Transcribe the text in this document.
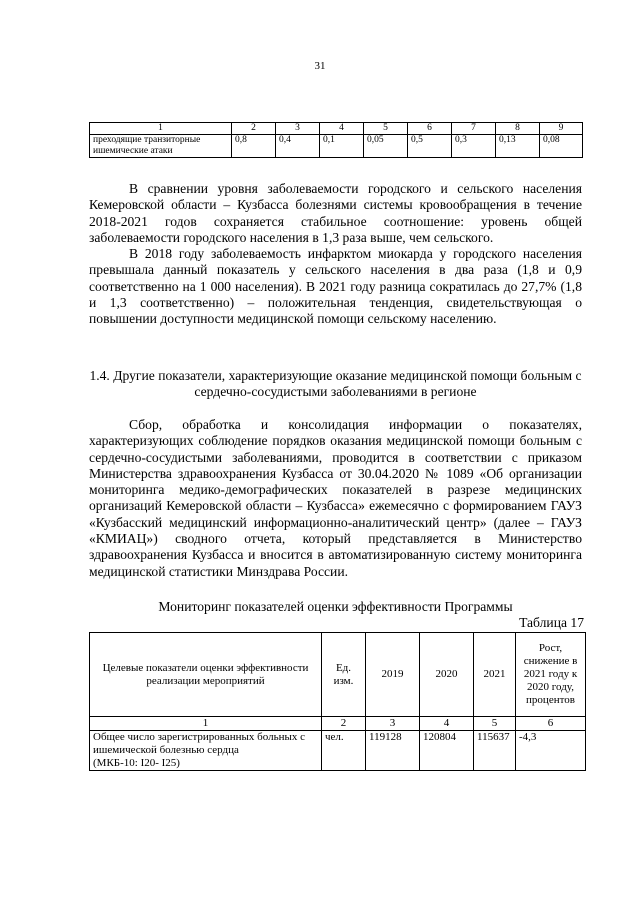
31
1	2	3	4	5	6	7	8	9
преходящие транзиторные ишемические атаки	0,8	0,4	0,1	0,05	0,5	0,3	0,13	0,08

В сравнении уровня заболеваемости городского и сельского населения Кемеровской области – Кузбасса болезнями системы кровообращения в течение 2018-2021 годов сохраняется стабильное соотношение: уровень общей заболеваемости городского населения в 1,3 раза выше, чем сельского.

В 2018 году заболеваемость инфарктом миокарда у городского населения превышала данный показатель у сельского населения в два раза (1,8 и 0,9 соответственно на 1 000 населения). В 2021 году разница сократилась до 27,7% (1,8 и 1,3 соответственно) – положительная тенденция, свидетельствующая о повышении доступности медицинской помощи сельскому населению.

1.4. Другие показатели, характеризующие оказание медицинской помощи больным с сердечно-сосудистыми заболеваниями в регионе

Сбор, обработка и консолидация информации о показателях, характеризующих соблюдение порядков оказания медицинской помощи больным с сердечно-сосудистыми заболеваниями, проводится в соответствии с приказом Министерства здравоохранения Кузбасса от 30.04.2020 № 1089 «Об организации мониторинга медико-демографических показателей в разрезе медицинских организаций Кемеровской области – Кузбасса» ежемесячно с формированием ГАУЗ «Кузбасский медицинский информационно-аналитический центр» (далее – ГАУЗ «КМИАЦ») сводного отчета, который представляется в Министерство здравоохранения Кузбасса и вносится в автоматизированную систему мониторинга медицинской статистики Минздрава России.

Мониторинг показателей оценки эффективности Программы
Таблица 17
Целевые показатели оценки эффективности реализации мероприятий	Ед. изм.	2019	2020	2021	Рост, снижение в 2021 году к 2020 году, процентов
1	2	3	4	5	6

Общее число зарегистрированных больных с ишемической болезнью сердца
(МКБ-10: I20- I25)	чел.	119128	120804	115637	-4,3
